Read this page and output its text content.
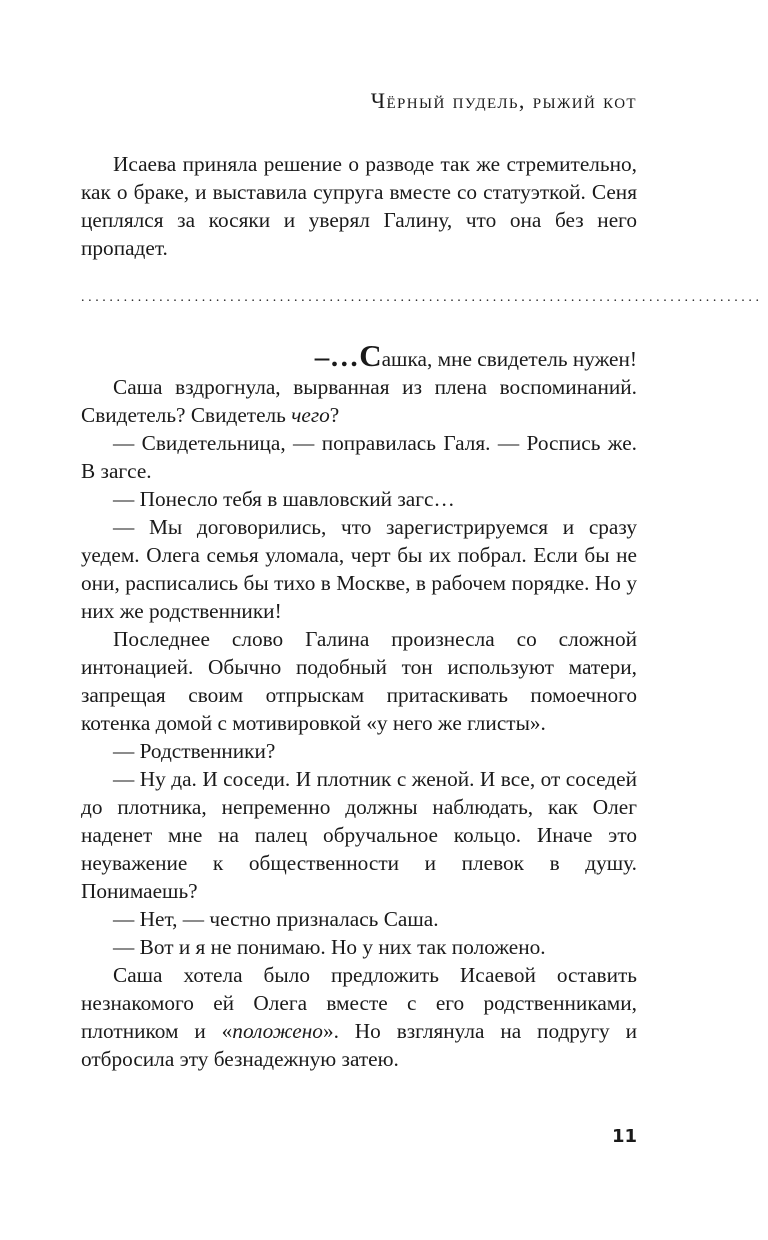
Чёрный пудель, рыжий кот

Исаева приняла решение о разводе так же стремительно, как о браке, и выставила супруга вместе со статуэткой. Сеня цеплялся за косяки и уверял Галину, что она без него пропадет.

................................................................................................

–…Сашка, мне свидетель нужен!

Саша вздрогнула, вырванная из плена воспоминаний. Свидетель? Свидетель чего?

— Свидетельница, — поправилась Галя. — Роспись же. В загсе.

— Понесло тебя в шавловский загс…

— Мы договорились, что зарегистрируемся и сразу уедем. Олега семья уломала, черт бы их побрал. Если бы не они, расписались бы тихо в Москве, в рабочем порядке. Но у них же родственники!

Последнее слово Галина произнесла со сложной интонацией. Обычно подобный тон используют матери, запрещая своим отпрыскам притаскивать помоечного котенка домой с мотивировкой «у него же глисты».

— Родственники?

— Ну да. И соседи. И плотник с женой. И все, от соседей до плотника, непременно должны наблюдать, как Олег наденет мне на палец обручальное кольцо. Иначе это неуважение к общественности и плевок в душу. Понимаешь?

— Нет, — честно призналась Саша.

— Вот и я не понимаю. Но у них так положено.

Саша хотела было предложить Исаевой оставить незнакомого ей Олега вместе с его родственниками, плотником и «положено». Но взглянула на подругу и отбросила эту безнадежную затею.

11
